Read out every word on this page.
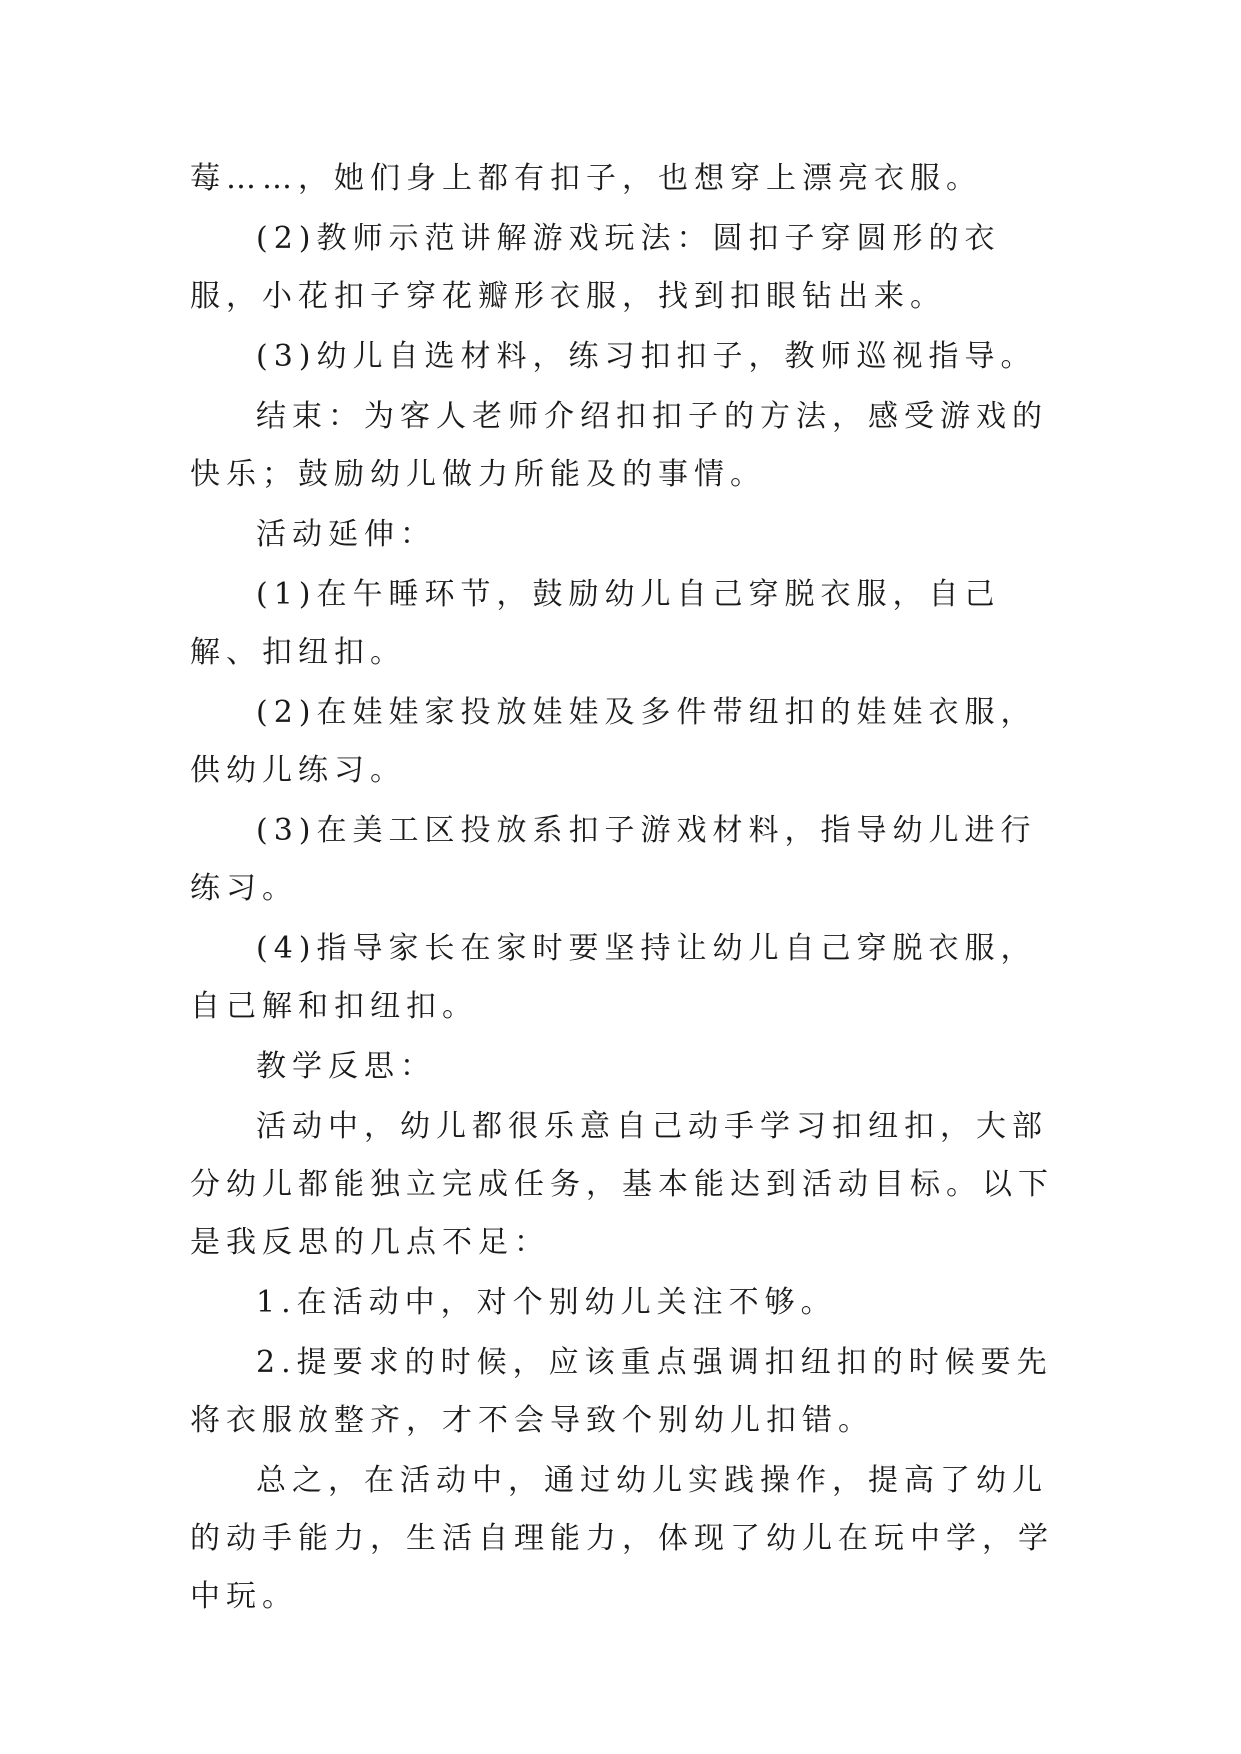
莓……，她们身上都有扣子，也想穿上漂亮衣服。

(2)教师示范讲解游戏玩法：圆扣子穿圆形的衣服，小花扣子穿花瓣形衣服，找到扣眼钻出来。

(3)幼儿自选材料，练习扣扣子，教师巡视指导。

结束：为客人老师介绍扣扣子的方法，感受游戏的快乐；鼓励幼儿做力所能及的事情。

活动延伸：

(1)在午睡环节，鼓励幼儿自己穿脱衣服，自己解、扣纽扣。

(2)在娃娃家投放娃娃及多件带纽扣的娃娃衣服，供幼儿练习。

(3)在美工区投放系扣子游戏材料，指导幼儿进行练习。

(4)指导家长在家时要坚持让幼儿自己穿脱衣服，自己解和扣纽扣。

教学反思：

活动中，幼儿都很乐意自己动手学习扣纽扣，大部分幼儿都能独立完成任务，基本能达到活动目标。以下是我反思的几点不足：

1.在活动中，对个别幼儿关注不够。

2.提要求的时候，应该重点强调扣纽扣的时候要先将衣服放整齐，才不会导致个别幼儿扣错。

总之，在活动中，通过幼儿实践操作，提高了幼儿的动手能力，生活自理能力，体现了幼儿在玩中学，学中玩。
